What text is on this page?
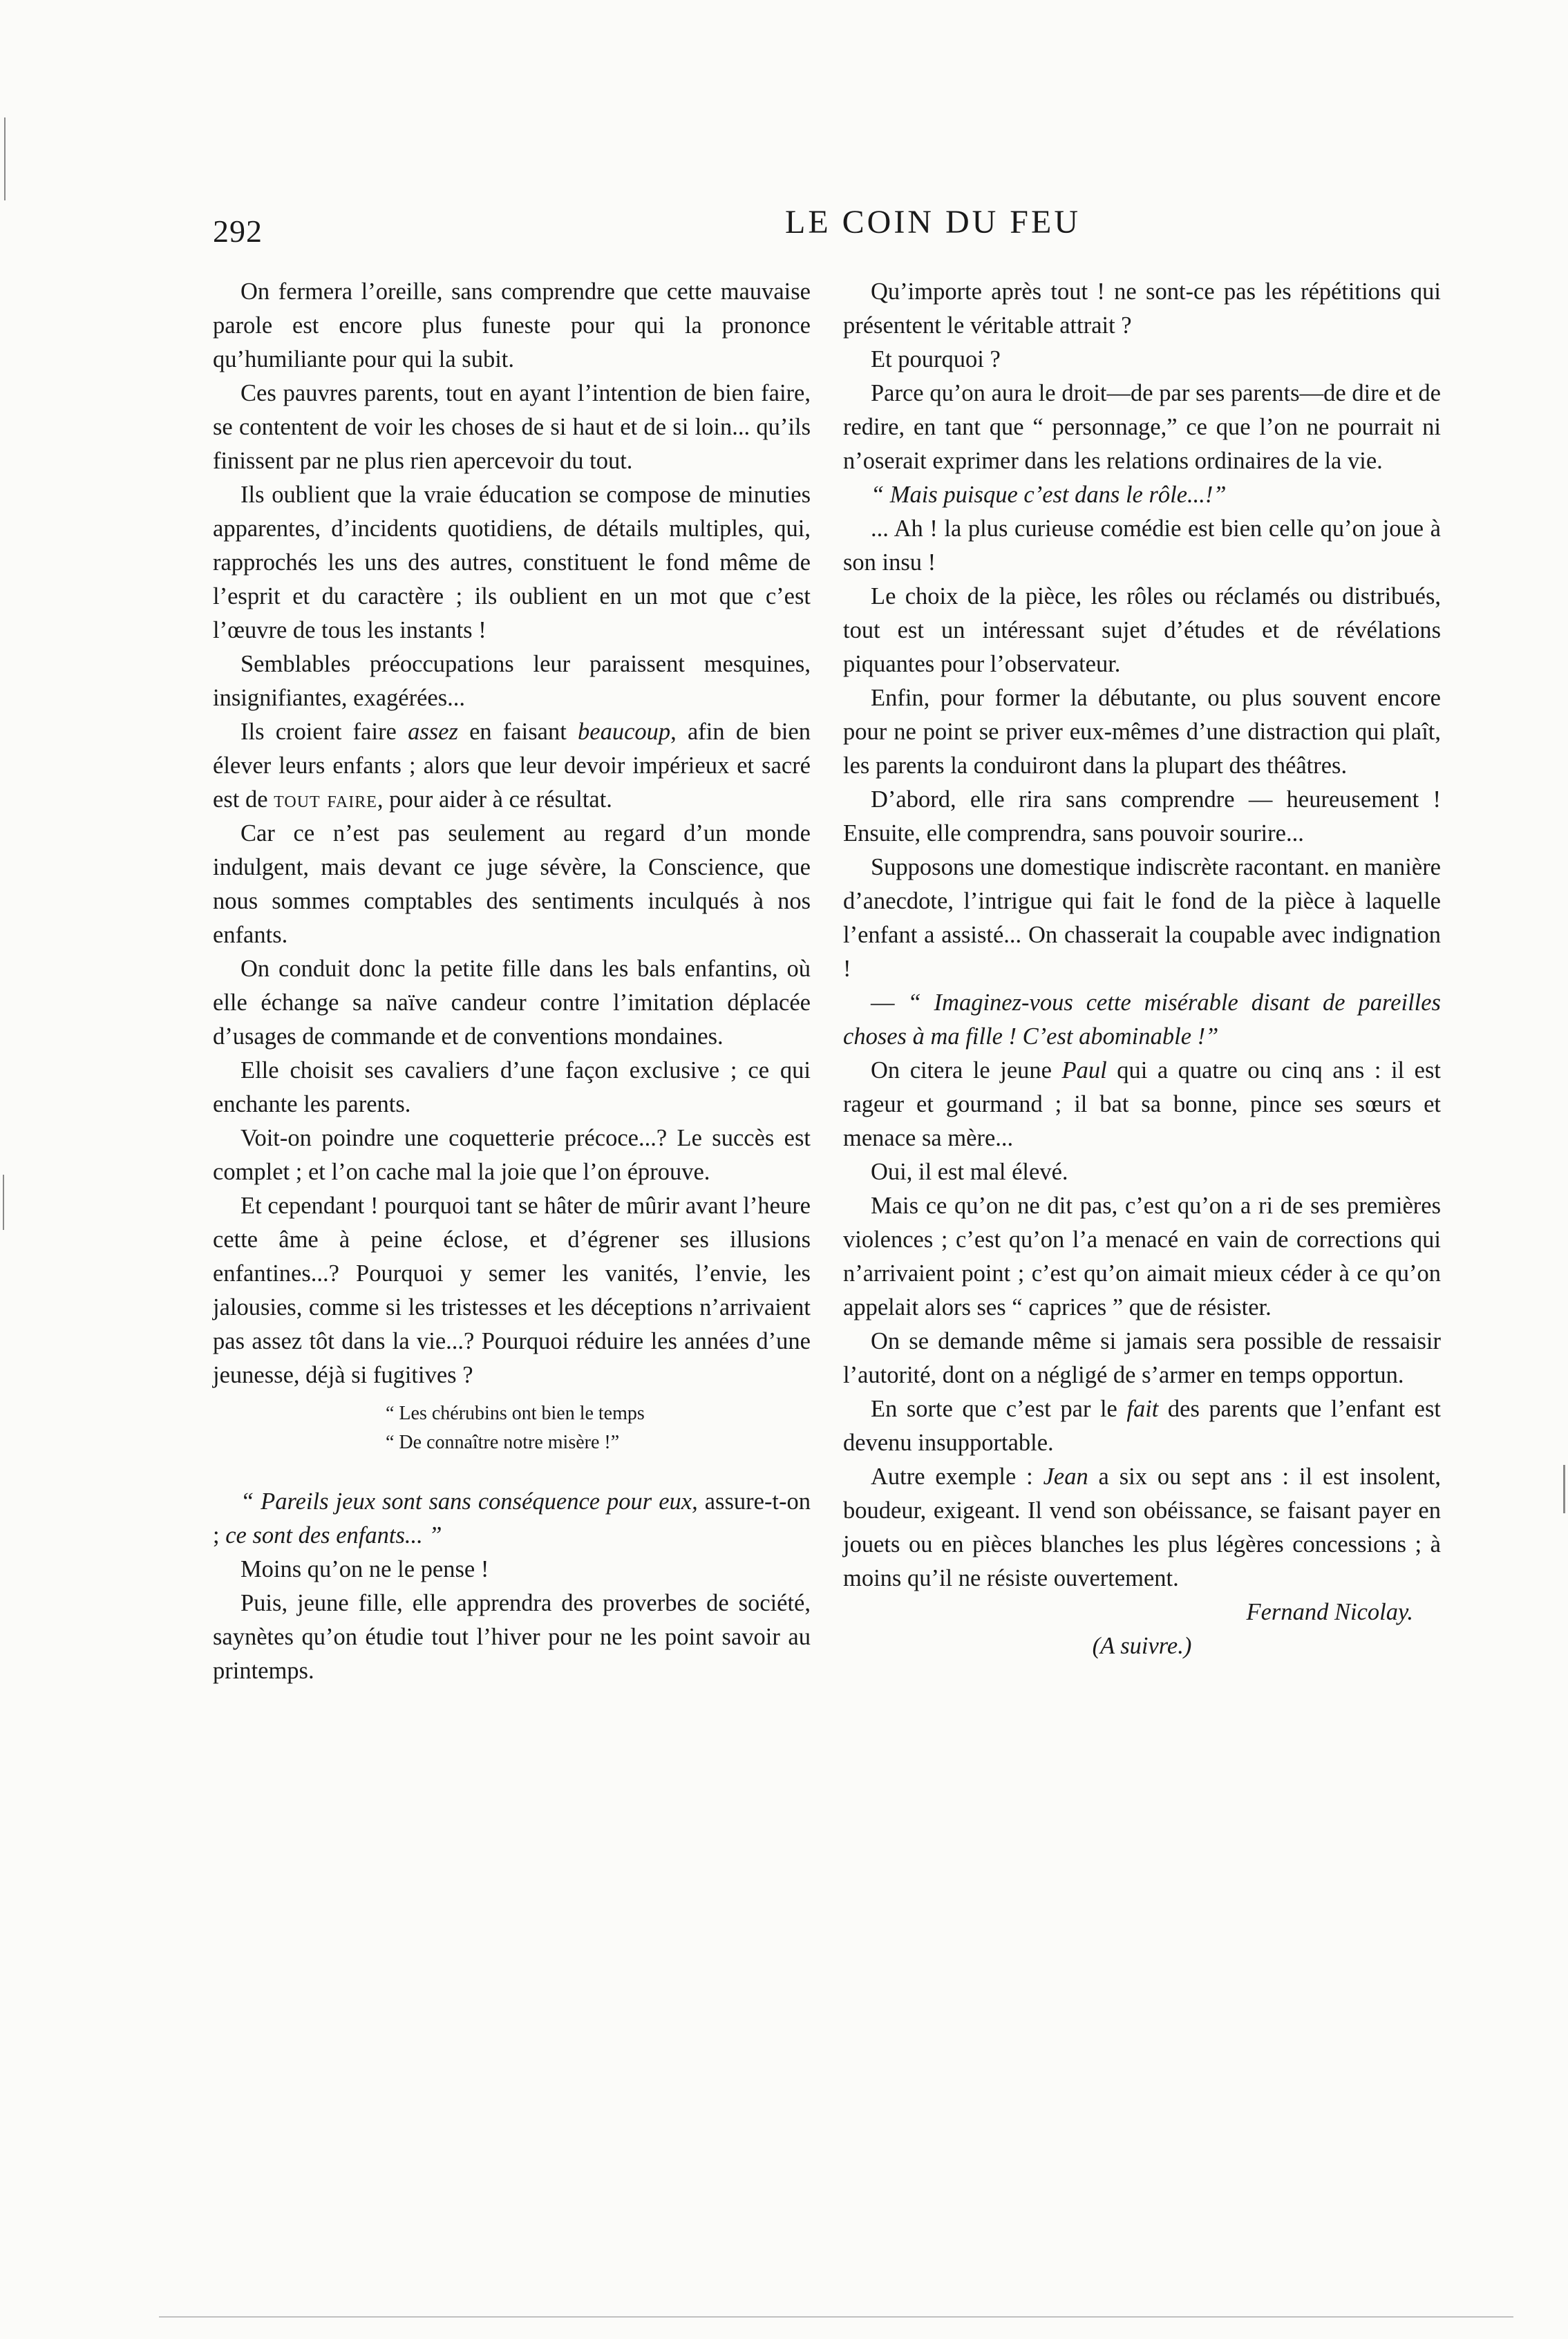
292	LE COIN DU FEU

On fermera l’oreille, sans comprendre que cette mauvaise parole est encore plus funeste pour qui la prononce qu’humiliante pour qui la subit.

Ces pauvres parents, tout en ayant l’intention de bien faire, se contentent de voir les choses de si haut et de si loin... qu’ils finissent par ne plus rien apercevoir du tout.

Ils oublient que la vraie éducation se compose de minuties apparentes, d’incidents quotidiens, de détails multiples, qui, rapprochés les uns des autres, constituent le fond même de l’esprit et du caractère ; ils oublient en un mot que c’est l’œuvre de tous les instants !

Semblables préoccupations leur paraissent mesquines, insignifiantes, exagérées...

Ils croient faire assez en faisant beaucoup, afin de bien élever leurs enfants ; alors que leur devoir impérieux et sacré est de tout faire, pour aider à ce résultat.

Car ce n’est pas seulement au regard d’un monde indulgent, mais devant ce juge sévère, la Conscience, que nous sommes comptables des sentiments inculqués à nos enfants.

On conduit donc la petite fille dans les bals enfantins, où elle échange sa naïve candeur contre l’imitation déplacée d’usages de commande et de conventions mondaines.

Elle choisit ses cavaliers d’une façon exclusive ; ce qui enchante les parents.

Voit-on poindre une coquetterie précoce...? Le succès est complet ; et l’on cache mal la joie que l’on éprouve.

Et cependant ! pourquoi tant se hâter de mûrir avant l’heure cette âme à peine éclose, et d’égrener ses illusions enfantines...? Pourquoi y semer les vanités, l’envie, les jalousies, comme si les tristesses et les déceptions n’arrivaient pas assez tôt dans la vie...? Pourquoi réduire les années d’une jeunesse, déjà si fugitives ?

“ Les chérubins ont bien le temps
“ De connaître notre misère !”

“ Pareils jeux sont sans conséquence pour eux, assure-t-on ; ce sont des enfants... ”

Moins qu’on ne le pense !

Puis, jeune fille, elle apprendra des proverbes de société, saynètes qu’on étudie tout l’hiver pour ne les point savoir au printemps.

Qu’importe après tout ! ne sont-ce pas les répétitions qui présentent le véritable attrait ?

Et pourquoi ?

Parce qu’on aura le droit—de par ses parents—de dire et de redire, en tant que “ personnage,” ce que l’on ne pourrait ni n’oserait exprimer dans les relations ordinaires de la vie.

“ Mais puisque c’est dans le rôle...!”

... Ah ! la plus curieuse comédie est bien celle qu’on joue à son insu !

Le choix de la pièce, les rôles ou réclamés ou distribués, tout est un intéressant sujet d’études et de révélations piquantes pour l’observateur.

Enfin, pour former la débutante, ou plus souvent encore pour ne point se priver eux-mêmes d’une distraction qui plaît, les parents la conduiront dans la plupart des théâtres.

D’abord, elle rira sans comprendre — heureusement ! Ensuite, elle comprendra, sans pouvoir sourire...

Supposons une domestique indiscrète racontant. en manière d’anecdote, l’intrigue qui fait le fond de la pièce à laquelle l’enfant a assisté... On chasserait la coupable avec indignation !

— “ Imaginez-vous cette misérable disant de pareilles choses à ma fille ! C’est abominable !”

On citera le jeune Paul qui a quatre ou cinq ans : il est rageur et gourmand ; il bat sa bonne, pince ses sœurs et menace sa mère...

Oui, il est mal élevé.

Mais ce qu’on ne dit pas, c’est qu’on a ri de ses premières violences ; c’est qu’on l’a menacé en vain de corrections qui n’arrivaient point ; c’est qu’on aimait mieux céder à ce qu’on appelait alors ses “ caprices ” que de résister.

On se demande même si jamais sera possible de ressaisir l’autorité, dont on a négligé de s’armer en temps opportun.

En sorte que c’est par le fait des parents que l’enfant est devenu insupportable.

Autre exemple : Jean a six ou sept ans : il est insolent, boudeur, exigeant. Il vend son obéissance, se faisant payer en jouets ou en pièces blanches les plus légères concessions ; à moins qu’il ne résiste ouvertement.

Fernand Nicolay.

(A suivre.)
